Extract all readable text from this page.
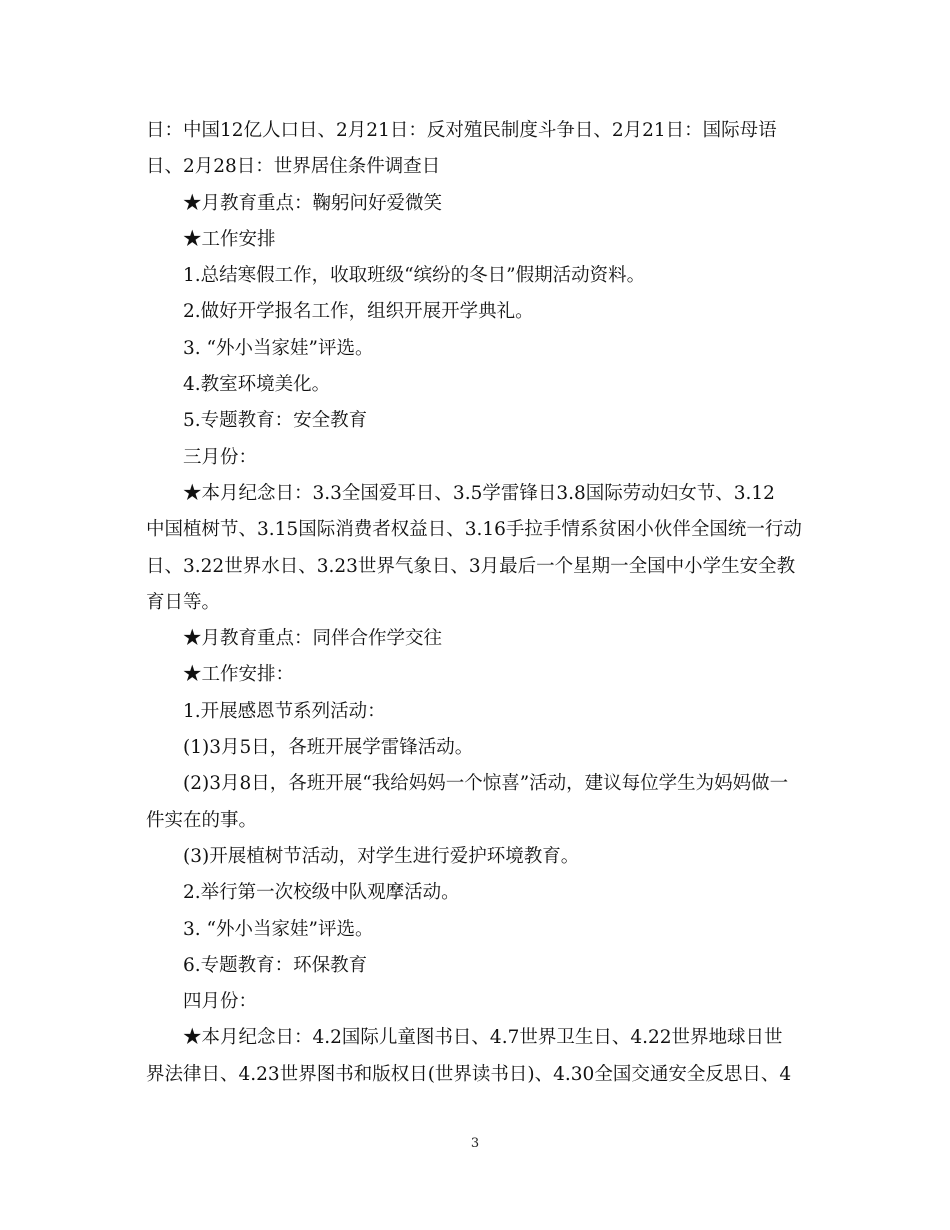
日：中国12亿人口日、2月21日：反对殖民制度斗争日、2月21日：国际母语
日、2月28日：世界居住条件调查日
★月教育重点：鞠躬问好爱微笑
★工作安排
1.总结寒假工作，收取班级“缤纷的冬日”假期活动资料。
2.做好开学报名工作，组织开展开学典礼。
3. “外小当家娃”评选。
4.教室环境美化。
5.专题教育：安全教育
三月份：
★本月纪念日：3.3全国爱耳日、3.5学雷锋日3.8国际劳动妇女节、3.12
中国植树节、3.15国际消费者权益日、3.16手拉手情系贫困小伙伴全国统一行动
日、3.22世界水日、3.23世界气象日、3月最后一个星期一全国中小学生安全教
育日等。
★月教育重点：同伴合作学交往
★工作安排：
1.开展感恩节系列活动：
(1)3月5日，各班开展学雷锋活动。
(2)3月8日，各班开展“我给妈妈一个惊喜”活动，建议每位学生为妈妈做一
件实在的事。
(3)开展植树节活动，对学生进行爱护环境教育。
2.举行第一次校级中队观摩活动。
3. “外小当家娃”评选。
6.专题教育：环保教育
四月份：
★本月纪念日：4.2国际儿童图书日、4.7世界卫生日、4.22世界地球日世
界法律日、4.23世界图书和版权日(世界读书日)、4.30全国交通安全反思日、4
3
